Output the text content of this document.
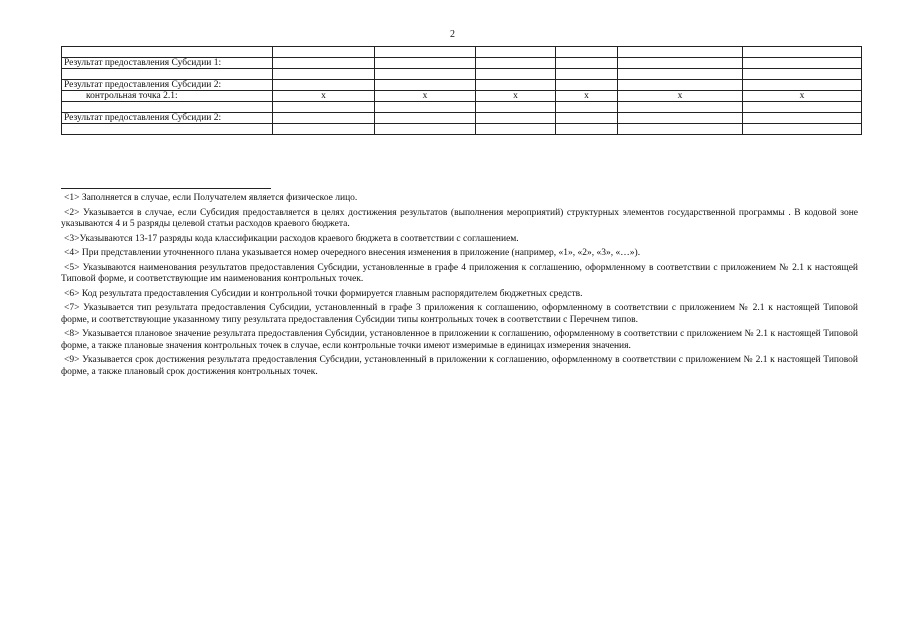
2

Результат предоставления Субсидии 1:						

Результат предоставления Субсидии 2:						
контрольная точка 2.1:	х	х	х	х	х	х

Результат предоставления Субсидии 2:						

<1> Заполняется в случае, если Получателем является физическое лицо.

<2> Указывается в случае, если Субсидия предоставляется в целях достижения результатов (выполнения мероприятий) структурных элементов государственной программы . В кодовой зоне указываются 4 и 5 разряды целевой статьи расходов краевого бюджета.

<3>Указываются 13-17 разряды кода классификации расходов краевого бюджета в соответствии с соглашением.

<4> При представлении уточненного плана указывается номер очередного внесения изменения в приложение (например, «1», «2», «3», «…»).

<5> Указываются наименования результатов предоставления Субсидии, установленные в графе 4 приложения к соглашению, оформленному в соответствии с приложением № 2.1 к настоящей Типовой форме, и соответствующие им наименования контрольных точек.

<6> Код результата предоставления Субсидии и контрольной точки формируется главным распорядителем бюджетных средств.

<7> Указывается тип результата предоставления Субсидии, установленный в графе 3 приложения к соглашению, оформленному в соответствии с приложением № 2.1 к настоящей Типовой форме, и соответствующие указанному типу результата предоставления Субсидии типы контрольных точек в соответствии с Перечнем типов.

<8> Указывается плановое значение результата предоставления Субсидии, установленное в приложении к соглашению, оформленному в соответствии с приложением № 2.1 к настоящей Типовой форме, а также плановые значения контрольных точек в случае, если контрольные точки имеют измеримые в единицах измерения значения.

<9> Указывается срок достижения результата предоставления Субсидии, установленный в приложении к соглашению, оформленному в соответствии с приложением № 2.1 к настоящей Типовой форме, а также плановый срок достижения контрольных точек.
